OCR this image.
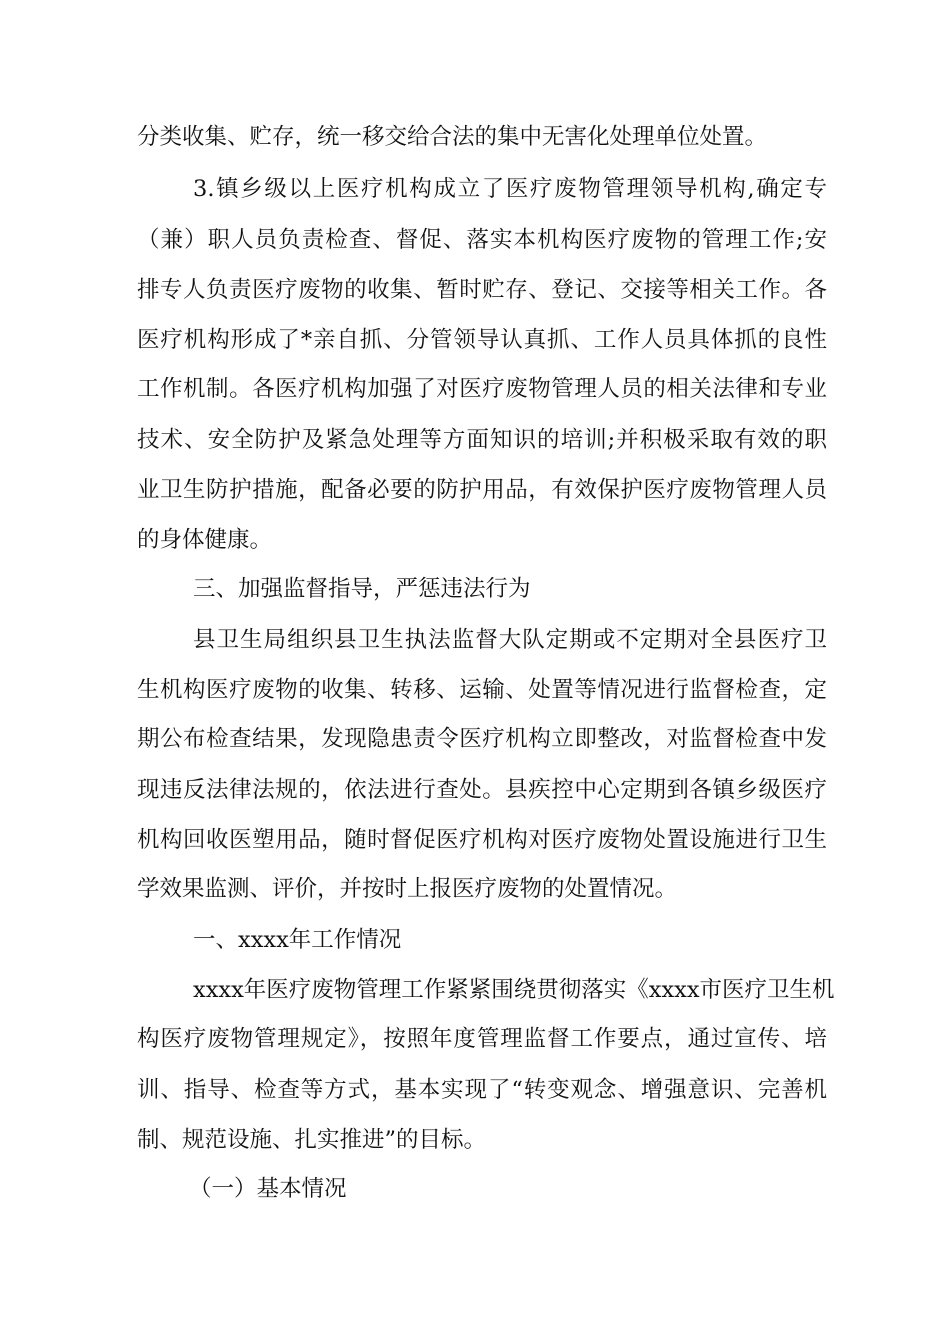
分类收集、贮存，统一移交给合法的集中无害化处理单位处置。
3.镇乡级以上医疗机构成立了医疗废物管理领导机构,确定专
（兼）职人员负责检查、督促、落实本机构医疗废物的管理工作;安
排专人负责医疗废物的收集、暂时贮存、登记、交接等相关工作。各
医疗机构形成了*亲自抓、分管领导认真抓、工作人员具体抓的良性
工作机制。各医疗机构加强了对医疗废物管理人员的相关法律和专业
技术、安全防护及紧急处理等方面知识的培训;并积极采取有效的职
业卫生防护措施，配备必要的防护用品，有效保护医疗废物管理人员
的身体健康。
三、加强监督指导，严惩违法行为
县卫生局组织县卫生执法监督大队定期或不定期对全县医疗卫
生机构医疗废物的收集、转移、运输、处置等情况进行监督检查，定
期公布检查结果，发现隐患责令医疗机构立即整改，对监督检查中发
现违反法律法规的，依法进行查处。县疾控中心定期到各镇乡级医疗
机构回收医塑用品，随时督促医疗机构对医疗废物处置设施进行卫生
学效果监测、评价，并按时上报医疗废物的处置情况。
一、xxxx年工作情况
xxxx年医疗废物管理工作紧紧围绕贯彻落实《xxxx市医疗卫生机
构医疗废物管理规定》，按照年度管理监督工作要点，通过宣传、培
训、指导、检查等方式，基本实现了“转变观念、增强意识、完善机
制、规范设施、扎实推进”的目标。
（一）基本情况
